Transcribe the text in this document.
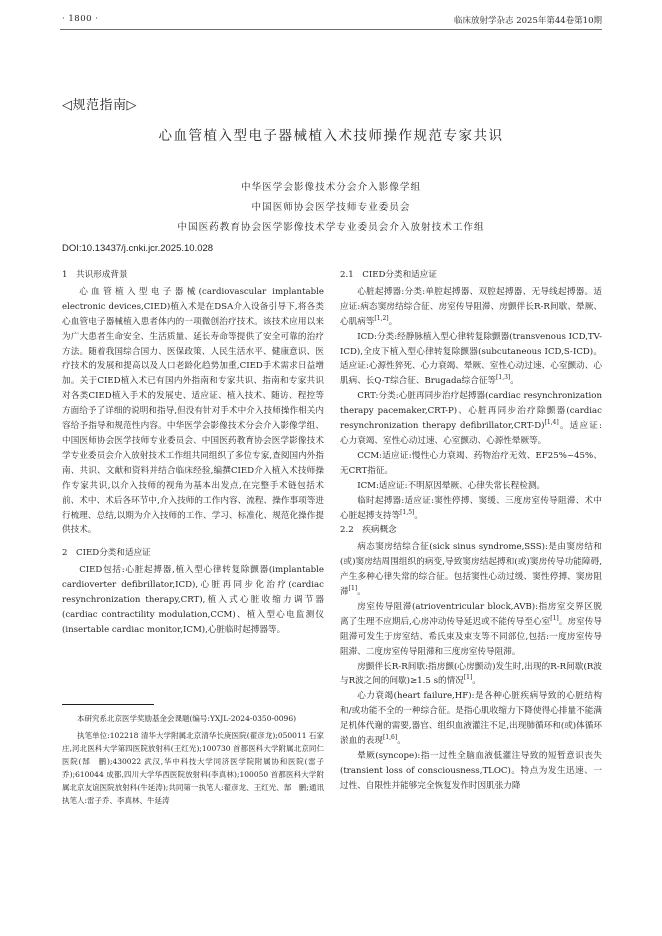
· 1800 ·	临床放射学杂志 2025年第44卷第10期
◁规范指南▷
心血管植入型电子器械植入术技师操作规范专家共识
中华医学会影像技术分会介入影像学组
中国医师协会医学技师专业委员会
中国医药教育协会医学影像技术学专业委员会介入放射技术工作组
DOI:10.13437/j.cnki.jcr.2025.10.028
1　共识形成背景

心血管植入型电子器械(cardiovascular implantable electronic devices,CIED)植入术是在DSA介入设备引导下,将各类心血管电子器械植入患者体内的一项微创治疗技术。该技术应用以来为广大患者生命安全、生活质量、延长寿命等提供了安全可靠的治疗方法。随着我国综合国力、医保政策、人民生活水平、健康意识、医疗技术的发展和提高以及人口老龄化趋势加重,CIED手术需求日益增加。关于CIED植入术已有国内外指南和专家共识、指南和专家共识对各类CIED植入手术的发展史、适应证、植入技术、随访、程控等方面给予了详细的说明和指导,但没有针对手术中介入技师操作相关内容给予指导和规范性内容。中华医学会影像技术分会介入影像学组、中国医师协会医学技师专业委员会、中国医药教育协会医学影像技术学专业委员会介入放射技术工作组共同组织了多位专家,查阅国内外指南、共识、文献和资料并结合临床经验,编撰CIED介入植入术技师操作专家共识,以介入技师的视角为基本出发点,在完整手术链包括术前、术中、术后各环节中,介入技师的工作内容、流程、操作事项等进行梳理、总结,以期为介入技师的工作、学习、标准化、规范化操作提供技术。

2　CIED分类和适应证

CIED包括:心脏起搏器,植入型心律转复除颤器(implantable cardioverter defibrillator,ICD),心脏再同步化治疗(cardiac resynchronization therapy,CRT),植入式心脏收缩力调节器(cardiac contractility modulation,CCM)、植入型心电监测仪(insertable cardiac monitor,ICM),心脏临时起搏器等。

2.1　CIED分类和适应证

心脏起搏器:分类:单腔起搏器、双腔起搏器、无导线起搏器。适应证:病态窦房结综合征、房室传导阻滞、房颤伴长R-R间歇、晕厥、心肌病等[1,2]。

ICD:分类:经静脉植入型心律转复除颤器(transvenous ICD,TV-ICD),全皮下植入型心律转复除颤器(subcutaneous ICD,S-ICD)。适应证:心源性猝死、心力衰竭、晕厥、室性心动过速、心室颤动、心肌病、长Q-T综合征、Brugada综合征等[1,3]。

CRT:分类:心脏再同步治疗起搏器(cardiac resynchronization therapy pacemaker,CRT-P)、心脏再同步治疗除颤器(cardiac resynchronization therapy defibrillator,CRT-D)[1,4]。适应证:心力衰竭、室性心动过速、心室颤动、心源性晕厥等。

CCM:适应证:慢性心力衰竭、药物治疗无效、EF25%~45%、无CRT指征。

ICM:适应证:不明原因晕厥、心律失常长程检测。

临时起搏器:适应证:窦性停搏、窦缓、三度房室传导阻滞、术中心脏起搏支持等[1,5]。

2.2　疾病概念

病态窦房结综合征(sick sinus syndrome,SSS):是由窦房结和(或)窦房结周围组织的病变,导致窦房结起搏和(或)窦房传导功能障碍,产生多种心律失常的综合征。包括窦性心动过缓、窦性停搏、窦房阻滞[1]。

房室传导阻滞(atrioventricular block,AVB):指房室交界区脱离了生理不应期后,心房冲动传导延迟或不能传导至心室[1]。房室传导阻滞可发生于房室结、希氏束及束支等不同部位,包括:一度房室传导阻滞、二度房室传导阻滞和三度房室传导阻滞。

房颤伴长R-R间歇:指房颤(心房颤动)发生时,出现的R-R间歇(R波与R波之间的间歇)≥1.5 s的情况[1]。

心力衰竭(heart failure,HF):是各种心脏疾病导致的心脏结构和/或功能不全的一种综合征。是指心肌收缩力下降使得心排量不能满足机体代谢的需要,器官、组织血液灌注不足,出现肺循环和(或)体循环淤血的表现[1,6]。

晕厥(syncope):指一过性全脑血液低灌注导致的短暂意识丧失(transient loss of consciousness,TLOC)。特点为发生迅速、一过性、自限性并能够完全恢复发作时因肌张力降

本研究系北京医学奖励基金会课题(编号:YXJL-2024-0350-0096)

执笔单位:102218 清华大学附属北京清华长庚医院(翟彦龙);050011 石家庄,河北医科大学第四医院放射科(王红光);100730 首都医科大学附属北京同仁医院(郜　鹏);430022 武汉,华中科技大学同济医学院附属协和医院(雷子乔);610044 成都,四川大学华西医院放射科(李真林);100050 首都医科大学附属北京友谊医院放射科(牛延涛);共同第一执笔人:翟彦龙、王红光、郜　鹏;通讯执笔人:雷子乔、李真林、牛延涛
